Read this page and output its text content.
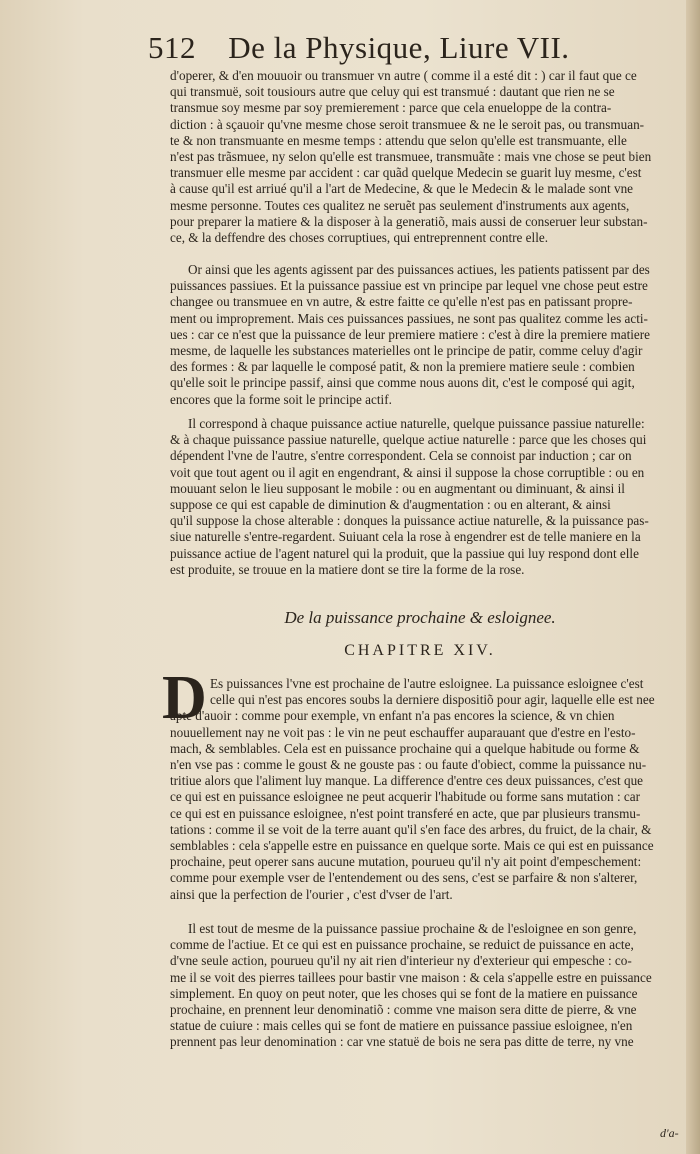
512 De la Physique, Liure VII.
d'operer, & d'en mouuoir ou transmuer vn autre ( comme il a esté dit : ) car il faut que ce
qui transmuë, soit tousiours autre que celuy qui est transmué : dautant que rien ne se
transmue soy mesme par soy premierement : parce que cela enueloppe de la contra-
diction : à sçauoir qu'vne mesme chose seroit transmuee & ne le seroit pas, ou transmuan-
te & non transmuante en mesme temps : attendu que selon qu'elle est transmuante, elle
n'est pas trãsmuee, ny selon qu'elle est transmuee, transmuãte : mais vne chose se peut bien
transmuer elle mesme par accident : car quãd quelque Medecin se guarit luy mesme, c'est
à cause qu'il est arriué qu'il a l'art de Medecine, & que le Medecin & le malade sont vne
mesme personne. Toutes ces qualitez ne seruẽt pas seulement d'instruments aux agents,
pour preparer la matiere & la disposer à la generatiõ, mais aussi de conseruer leur substan-
ce, & la deffendre des choses corruptiues, qui entreprennent contre elle.
Or ainsi que les agents agissent par des puissances actiues, les patients patissent par des
puissances passiues. Et la puissance passiue est vn principe par lequel vne chose peut estre
changee ou transmuee en vn autre, & estre faitte ce qu'elle n'est pas en patissant propre-
ment ou improprement. Mais ces puissances passiues, ne sont pas qualitez comme les acti-
ues : car ce n'est que la puissance de leur premiere matiere : c'est à dire la premiere matiere
mesme, de laquelle les substances materielles ont le principe de patir, comme celuy d'agir
des formes : & par laquelle le composé patit, & non la premiere matiere seule : combien
qu'elle soit le principe passif, ainsi que comme nous auons dit, c'est le composé qui agit,
encores que la forme soit le principe actif.
Il correspond à chaque puissance actiue naturelle, quelque puissance passiue naturelle:
& à chaque puissance passiue naturelle, quelque actiue naturelle : parce que les choses qui
dépendent l'vne de l'autre, s'entre correspondent. Cela se connoist par induction ; car on
voit que tout agent ou il agit en engendrant, & ainsi il suppose la chose corruptible : ou en
mouuant selon le lieu supposant le mobile : ou en augmentant ou diminuant, & ainsi il
suppose ce qui est capable de diminution & d'augmentation : ou en alterant, & ainsi
qu'il suppose la chose alterable : donques la puissance actiue naturelle, & la puissance pas-
siue naturelle s'entre-regardent. Suiuant cela la rose à engendrer est de telle maniere en la
puissance actiue de l'agent naturel qui la produit, que la passiue qui luy respond dont elle
est produite, se trouue en la matiere dont se tire la forme de la rose.
De la puissance prochaine & esloignee.
CHAPITRE XIV.
D Es puissances l'vne est prochaine de l'autre esloignee. La puissance esloignee c'est
celle qui n'est pas encores soubs la derniere dispositiõ pour agir, laquelle elle est nee
apte d'auoir : comme pour exemple, vn enfant n'a pas encores la science, & vn chien
nouuellement nay ne voit pas : le vin ne peut eschauffer auparauant que d'estre en l'esto-
mach, & semblables. Cela est en puissance prochaine qui a quelque habitude ou forme &
n'en vse pas : comme le goust & ne gouste pas : ou faute d'obiect, comme la puissance nu-
tritiue alors que l'aliment luy manque. La difference d'entre ces deux puissances, c'est que
ce qui est en puissance esloignee ne peut acquerir l'habitude ou forme sans mutation : car
ce qui est en puissance esloignee, n'est point transferé en acte, que par plusieurs transmu-
tations : comme il se voit de la terre auant qu'il s'en face des arbres, du fruict, de la chair, &
semblables : cela s'appelle estre en puissance en quelque sorte. Mais ce qui est en puissance
prochaine, peut operer sans aucune mutation, pourueu qu'il n'y ait point d'empeschement:
comme pour exemple vser de l'entendement ou des sens, c'est se parfaire & non s'alterer,
ainsi que la perfection de l'ourier , c'est d'vser de l'art.
Il est tout de mesme de la puissance passiue prochaine & de l'esloignee en son genre,
comme de l'actiue. Et ce qui est en puissance prochaine, se reduict de puissance en acte,
d'vne seule action, pourueu qu'il ny ait rien d'interieur ny d'exterieur qui empesche : co-
me il se voit des pierres taillees pour bastir vne maison : & cela s'appelle estre en puissance
simplement. En quoy on peut noter, que les choses qui se font de la matiere en puissance
prochaine, en prennent leur denominatiõ : comme vne maison sera ditte de pierre, & vne
statue de cuiure : mais celles qui se font de matiere en puissance passiue esloignee, n'en
prennent pas leur denomination : car vne statuë de bois ne sera pas ditte de terre, ny vne
d'a-
